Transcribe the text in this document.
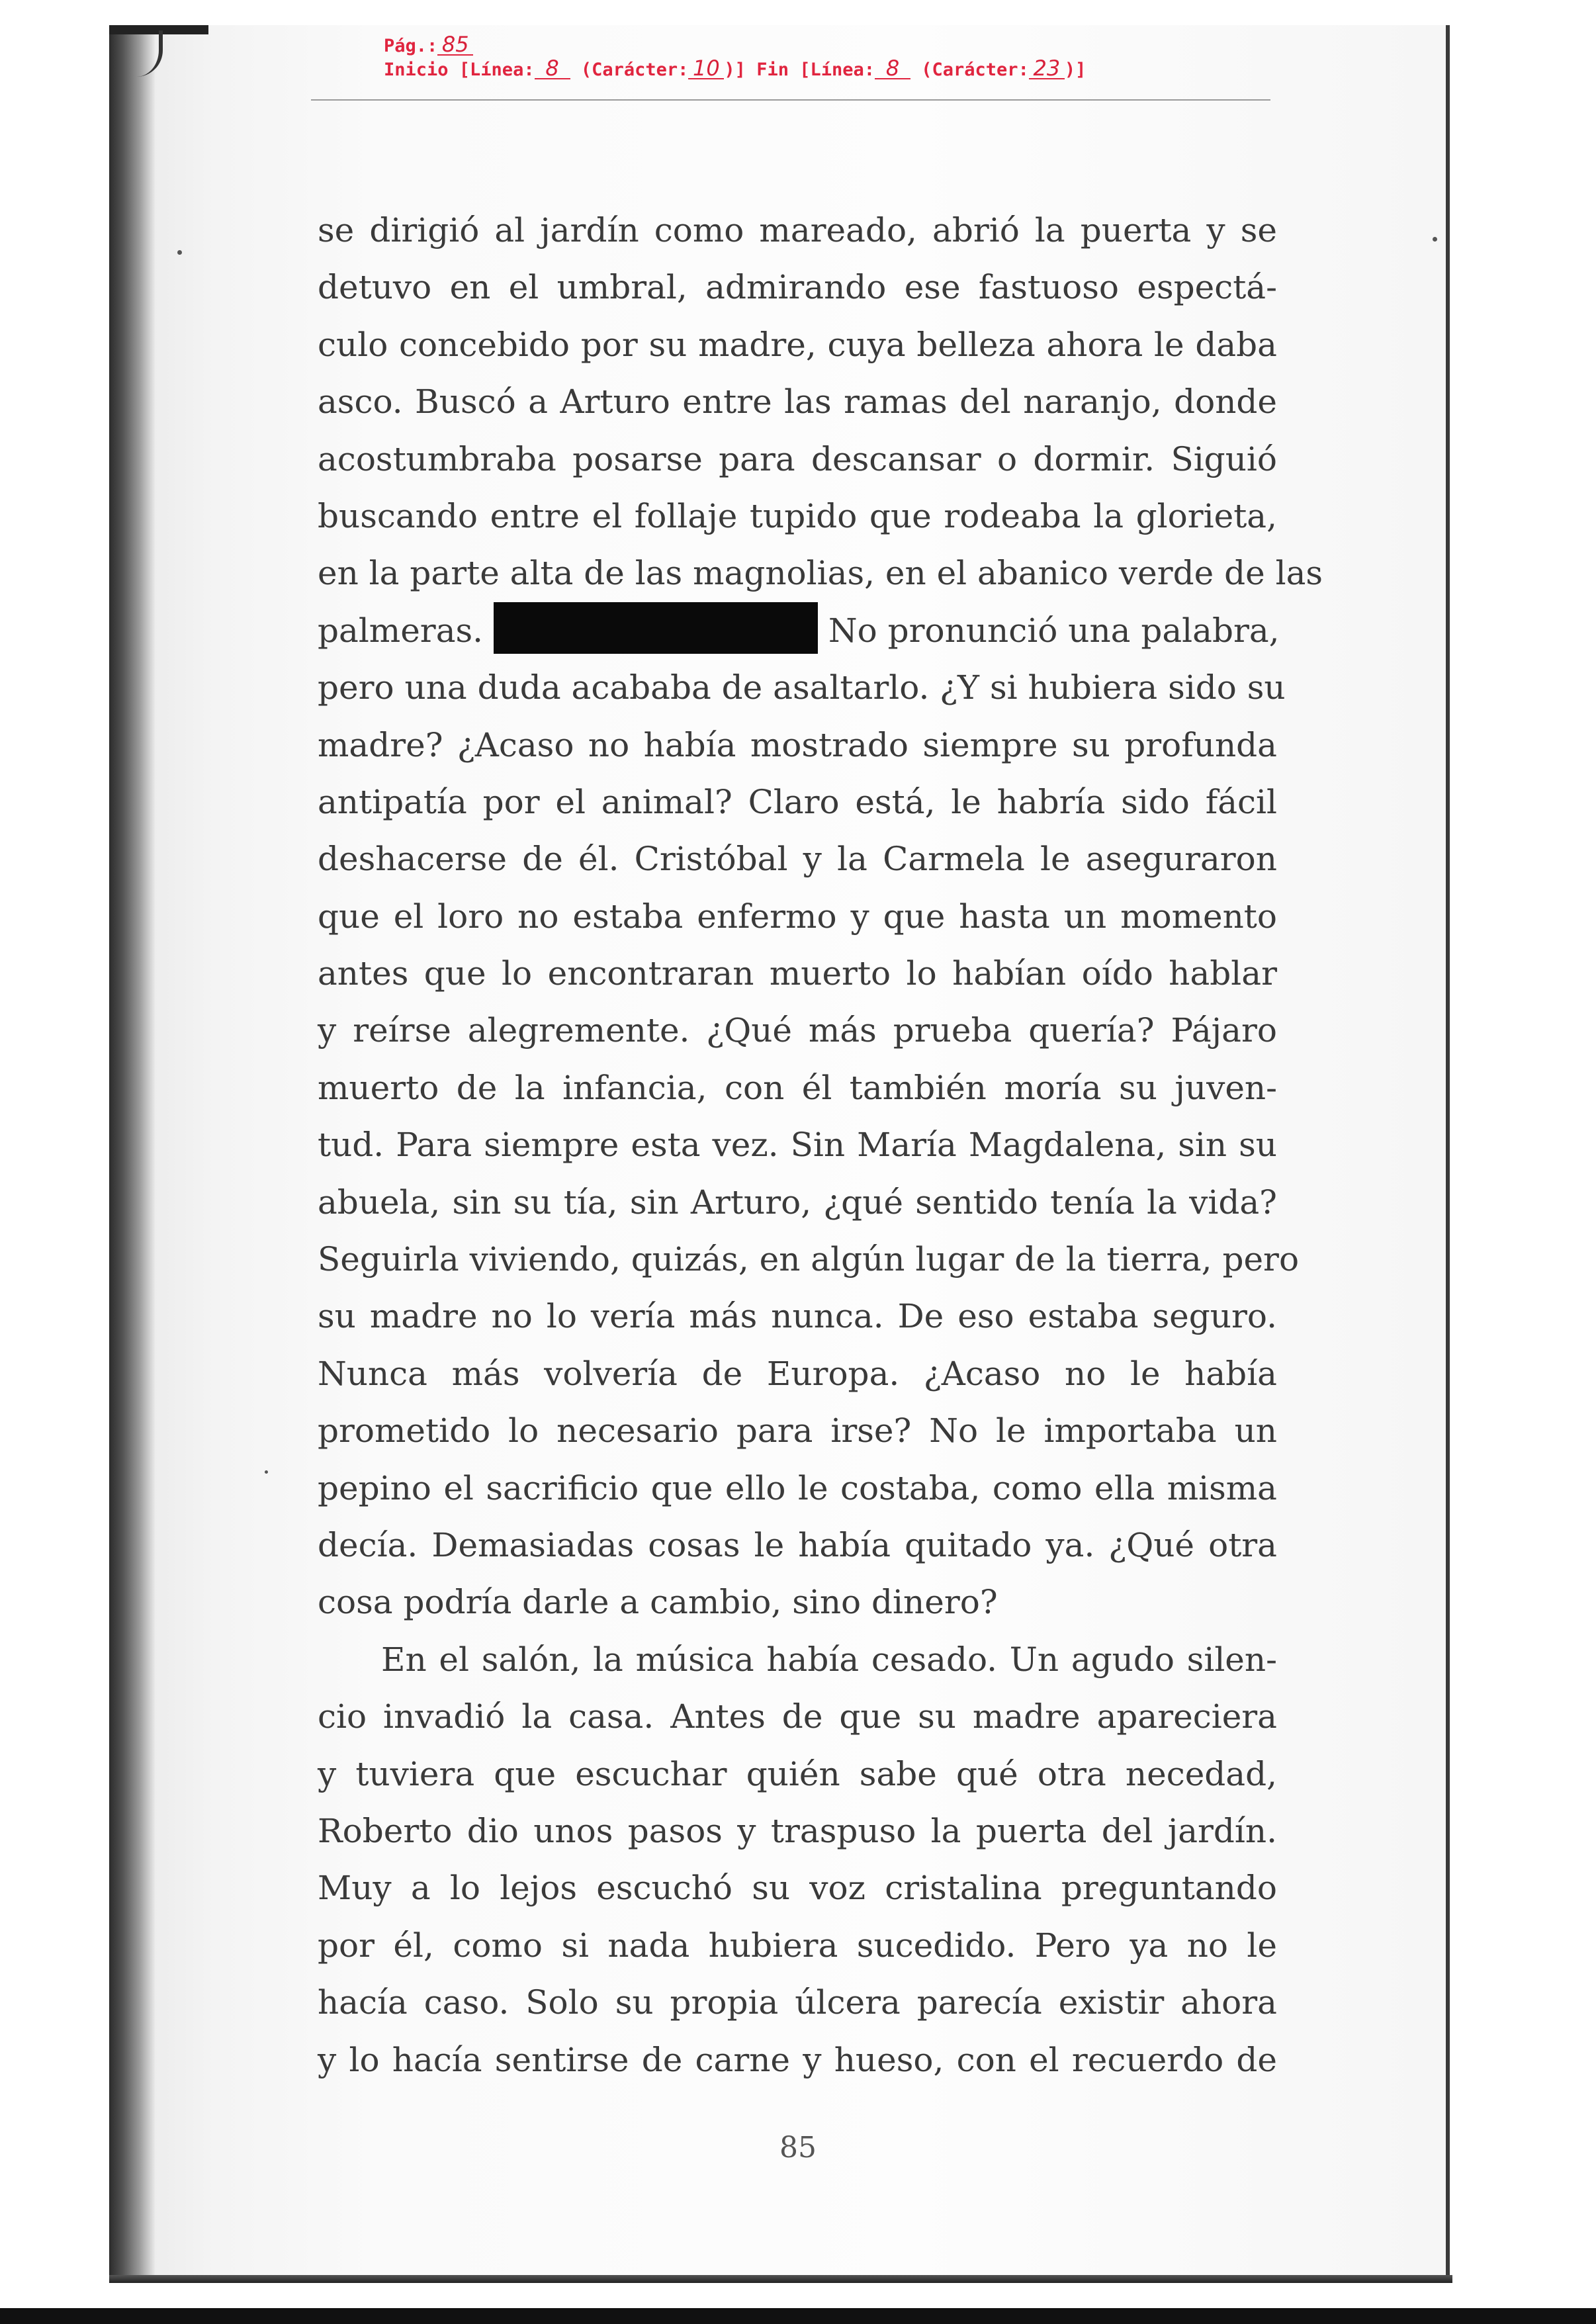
Pág.: 85
Inicio [Línea: 8 (Carácter: 10 )] Fin [Línea: 8 (Carácter: 23 )]
se dirigió al jardín como mareado, abrió la puerta y se
detuvo en el umbral, admirando ese fastuoso espectá-
culo concebido por su madre, cuya belleza ahora le daba
asco. Buscó a Arturo entre las ramas del naranjo, donde
acostumbraba posarse para descansar o dormir. Siguió
buscando entre el follaje tupido que rodeaba la glorieta,
en la parte alta de las magnolias, en el abanico verde de las
palmeras.	No pronunció una palabra,
pero una duda acababa de asaltarlo. ¿Y si hubiera sido su
madre? ¿Acaso no había mostrado siempre su profunda
antipatía por el animal? Claro está, le habría sido fácil
deshacerse de él. Cristóbal y la Carmela le aseguraron
que el loro no estaba enfermo y que hasta un momento
antes que lo encontraran muerto lo habían oído hablar
y reírse alegremente. ¿Qué más prueba quería? Pájaro
muerto de la infancia, con él también moría su juven-
tud. Para siempre esta vez. Sin María Magdalena, sin su
abuela, sin su tía, sin Arturo, ¿qué sentido tenía la vida?
Seguirla viviendo, quizás, en algún lugar de la tierra, pero
su madre no lo vería más nunca. De eso estaba seguro.
Nunca más volvería de Europa. ¿Acaso no le había
prometido lo necesario para irse? No le importaba un
pepino el sacrificio que ello le costaba, como ella misma
decía. Demasiadas cosas le había quitado ya. ¿Qué otra
cosa podría darle a cambio, sino dinero?
En el salón, la música había cesado. Un agudo silen-
cio invadió la casa. Antes de que su madre apareciera
y tuviera que escuchar quién sabe qué otra necedad,
Roberto dio unos pasos y traspuso la puerta del jardín.
Muy a lo lejos escuchó su voz cristalina preguntando
por él, como si nada hubiera sucedido. Pero ya no le
hacía caso. Solo su propia úlcera parecía existir ahora
y lo hacía sentirse de carne y hueso, con el recuerdo de
85
